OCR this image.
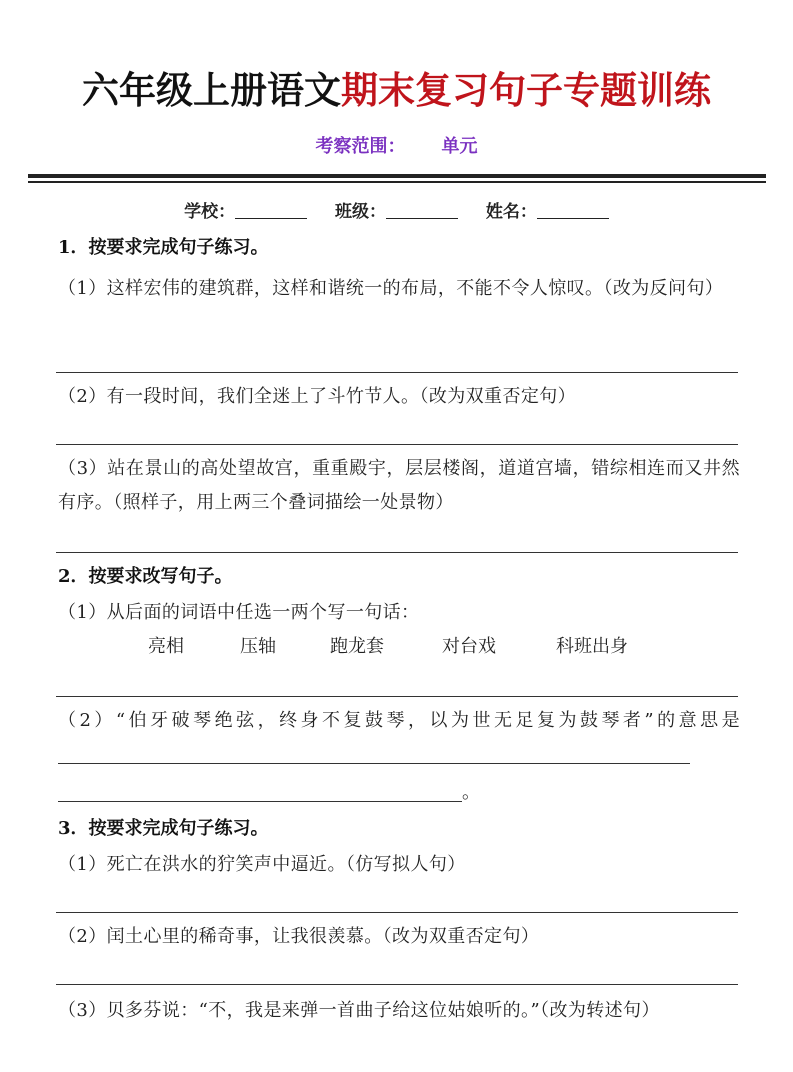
六年级上册语文期末复习句子专题训练
考察范围： 单元
学校：	班级：	姓名：
1．按要求完成句子练习。
（1）这样宏伟的建筑群，这样和谐统一的布局，不能不令人惊叹。（改为反问句）
（2）有一段时间，我们全迷上了斗竹节人。（改为双重否定句）
（3）站在景山的高处望故宫，重重殿宇，层层楼阁，道道宫墙，错综相连而又井然有序。（照样子，用上两三个叠词描绘一处景物）
2．按要求改写句子。
（1）从后面的词语中任选一两个写一句话：
亮相	压轴	跑龙套	对台戏	科班出身
（2）“伯牙破琴绝弦，终身不复鼓琴，以为世无足复为鼓琴者”的意思是
。
3．按要求完成句子练习。
（1）死亡在洪水的狞笑声中逼近。（仿写拟人句）
（2）闰土心里的稀奇事，让我很羡慕。（改为双重否定句）
（3）贝多芬说：“不，我是来弹一首曲子给这位姑娘听的。”（改为转述句）
